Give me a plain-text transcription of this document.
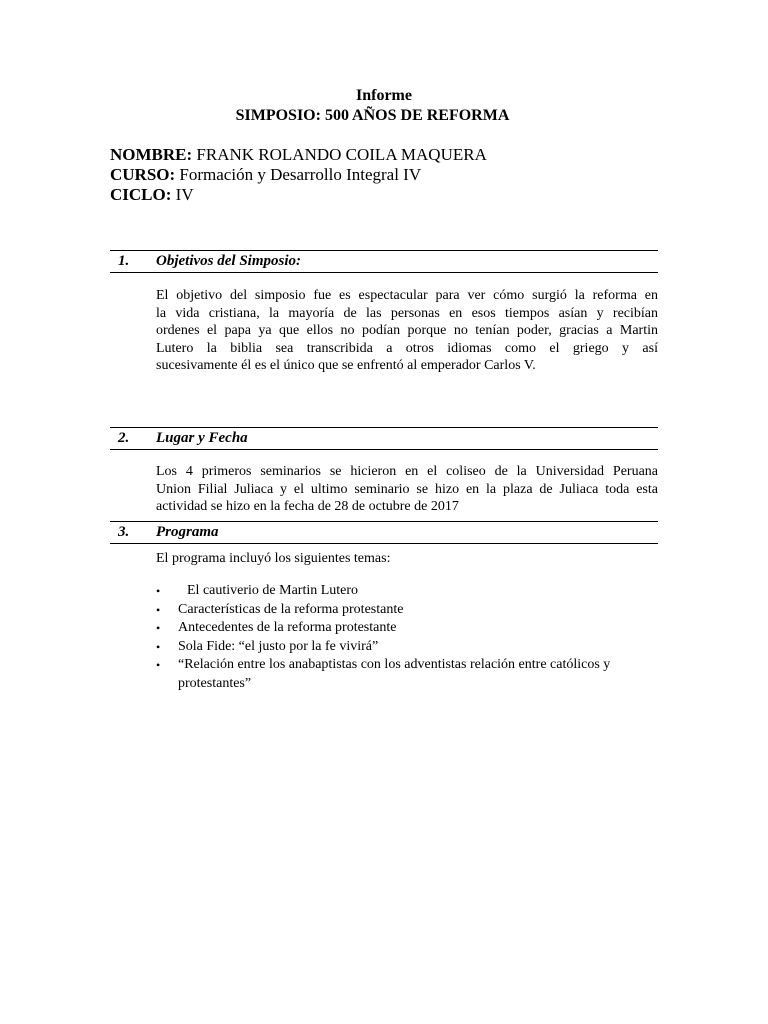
Informe
SIMPOSIO: 500 AÑOS DE REFORMA
NOMBRE: FRANK ROLANDO COILA MAQUERA
CURSO: Formación y Desarrollo Integral IV
CICLO: IV
1. Objetivos del Simposio:
El objetivo del simposio fue es espectacular para ver cómo surgió la reforma en
la vida cristiana, la mayoría de las personas en esos tiempos asían y recibían
ordenes el papa ya que ellos no podían porque no tenían poder, gracias a Martin
Lutero la biblia sea transcribida a otros idiomas como el griego y así
sucesivamente él es el único que se enfrentó al emperador Carlos V.
2. Lugar y Fecha
Los 4 primeros seminarios se hicieron en el coliseo de la Universidad Peruana
Union Filial Juliaca y el ultimo seminario se hizo en la plaza de Juliaca toda esta
actividad se hizo en la fecha de 28 de octubre de 2017
3. Programa
El programa incluyó los siguientes temas:
• El cautiverio de Martin Lutero
• Características de la reforma protestante
• Antecedentes de la reforma protestante
• Sola Fide: “el justo por la fe vivirá”
• “Relación entre los anabaptistas con los adventistas relación entre católicos y
protestantes”
